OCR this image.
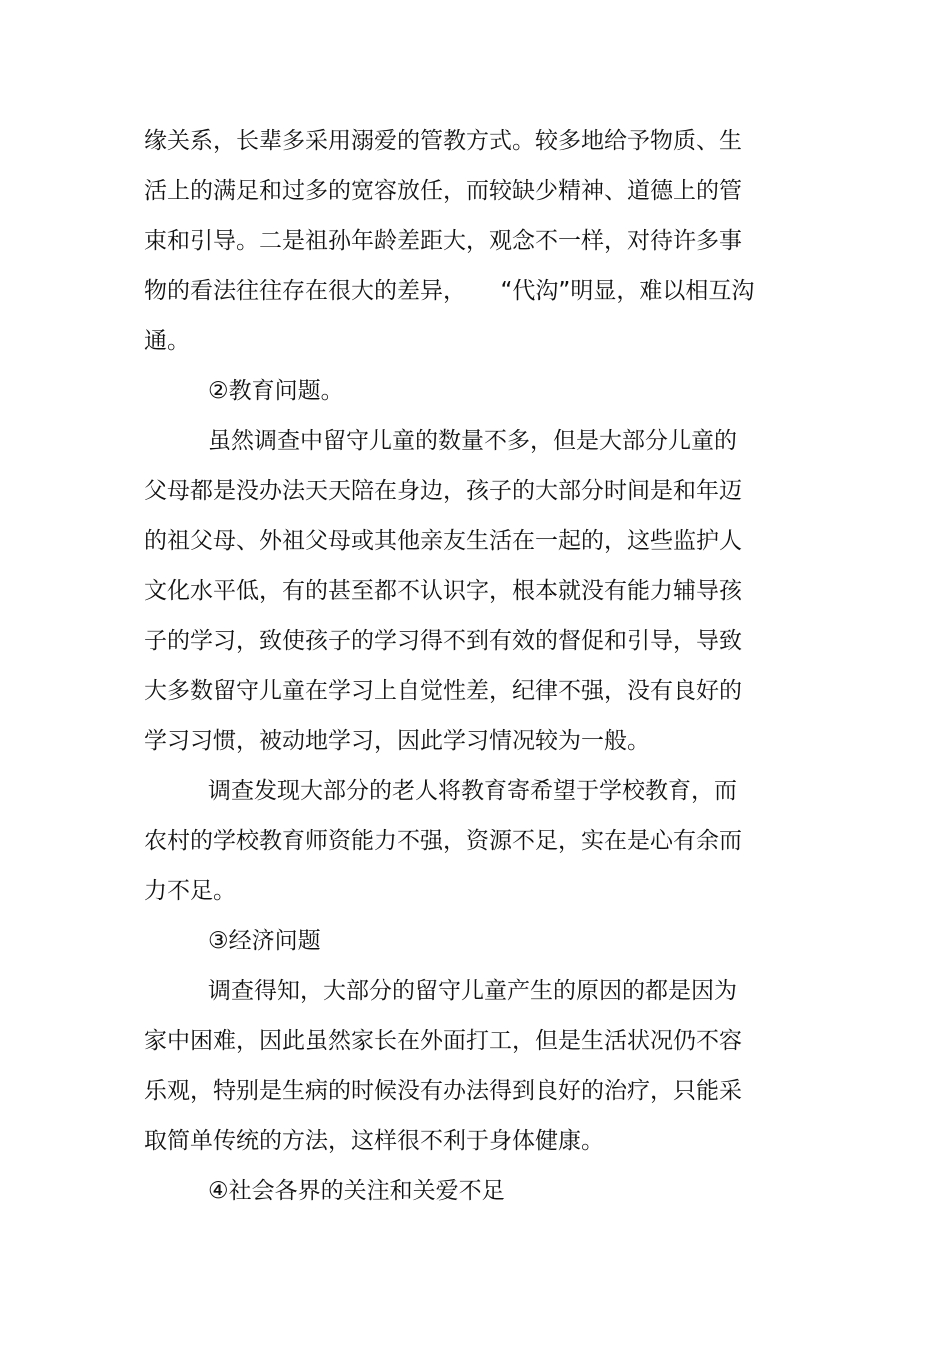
缘关系，长辈多采用溺爱的管教方式。较多地给予物质、生
活上的满足和过多的宽容放任，而较缺少精神、道德上的管
束和引导。二是祖孙年龄差距大，观念不一样，对待许多事
物的看法往往存在很大的差异，　　“代沟”明显，难以相互沟
通。
②教育问题。
虽然调查中留守儿童的数量不多，但是大部分儿童的
父母都是没办法天天陪在身边，孩子的大部分时间是和年迈
的祖父母、外祖父母或其他亲友生活在一起的，这些监护人
文化水平低，有的甚至都不认识字，根本就没有能力辅导孩
子的学习，致使孩子的学习得不到有效的督促和引导，导致
大多数留守儿童在学习上自觉性差，纪律不强，没有良好的
学习习惯，被动地学习，因此学习情况较为一般。
调查发现大部分的老人将教育寄希望于学校教育，而
农村的学校教育师资能力不强，资源不足，实在是心有余而
力不足。
③经济问题
调查得知，大部分的留守儿童产生的原因的都是因为
家中困难，因此虽然家长在外面打工，但是生活状况仍不容
乐观，特别是生病的时候没有办法得到良好的治疗，只能采
取简单传统的方法，这样很不利于身体健康。
④社会各界的关注和关爱不足
